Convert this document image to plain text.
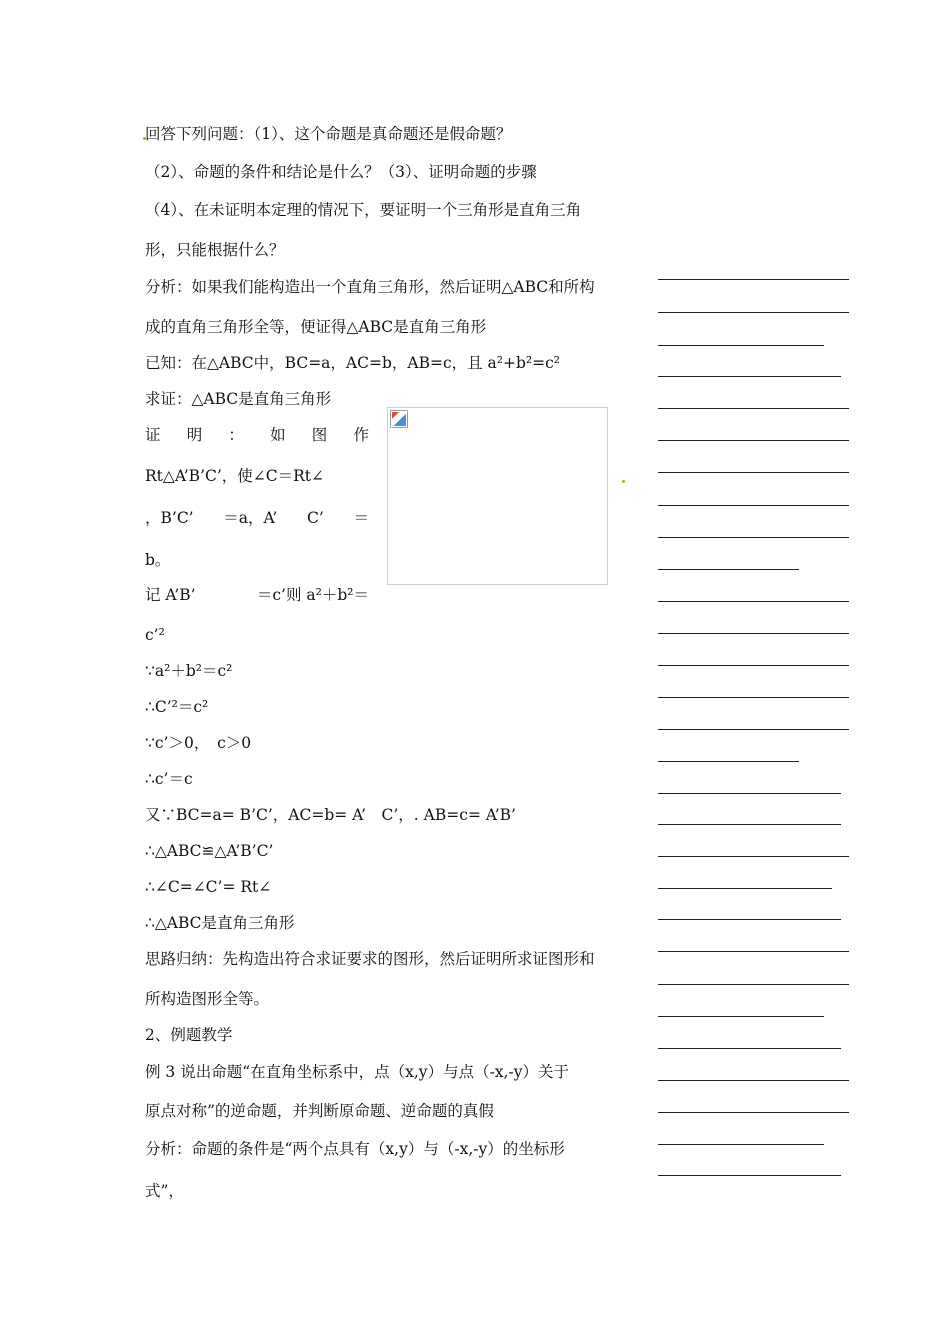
回答下列问题：（1）、这个命题是真命题还是假命题？
（2）、命题的条件和结论是什么？（3）、证明命题的步骤
（4）、在未证明本定理的情况下，要证明一个三角形是直角三角
形，只能根据什么？
分析：如果我们能构造出一个直角三角形，然后证明△ABC和所构
成的直角三角形全等，便证得△ABC是直角三角形
已知：在△ABC中，BC=a，AC=b，AB=c，且 a²+b²=c²
求证：△ABC是直角三角形
证 明 ： 如 图 作
Rt△A’B’C’，使∠C＝Rt∠
，B’C’ ＝a，A’ C’ ＝
b。
记 A’B’	＝c’则 a²＋b²＝
c’²
∵a²＋b²＝c²
∴C’²＝c²
∵c’＞0，　c＞0
∴c’＝c
又∵BC=a= B’C’，AC=b= A’　C’，. AB=c= A’B’
∴△ABC≌△A’B’C’
∴∠C=∠C’= Rt∠
∴△ABC是直角三角形
思路归纳：先构造出符合求证要求的图形，然后证明所求证图形和
所构造图形全等。
2、例题教学
例 3 说出命题“在直角坐标系中，点（x,y）与点（-x,-y）关于
原点对称”的逆命题，并判断原命题、逆命题的真假
分析：命题的条件是“两个点具有（x,y）与（-x,-y）的坐标形
式”，
